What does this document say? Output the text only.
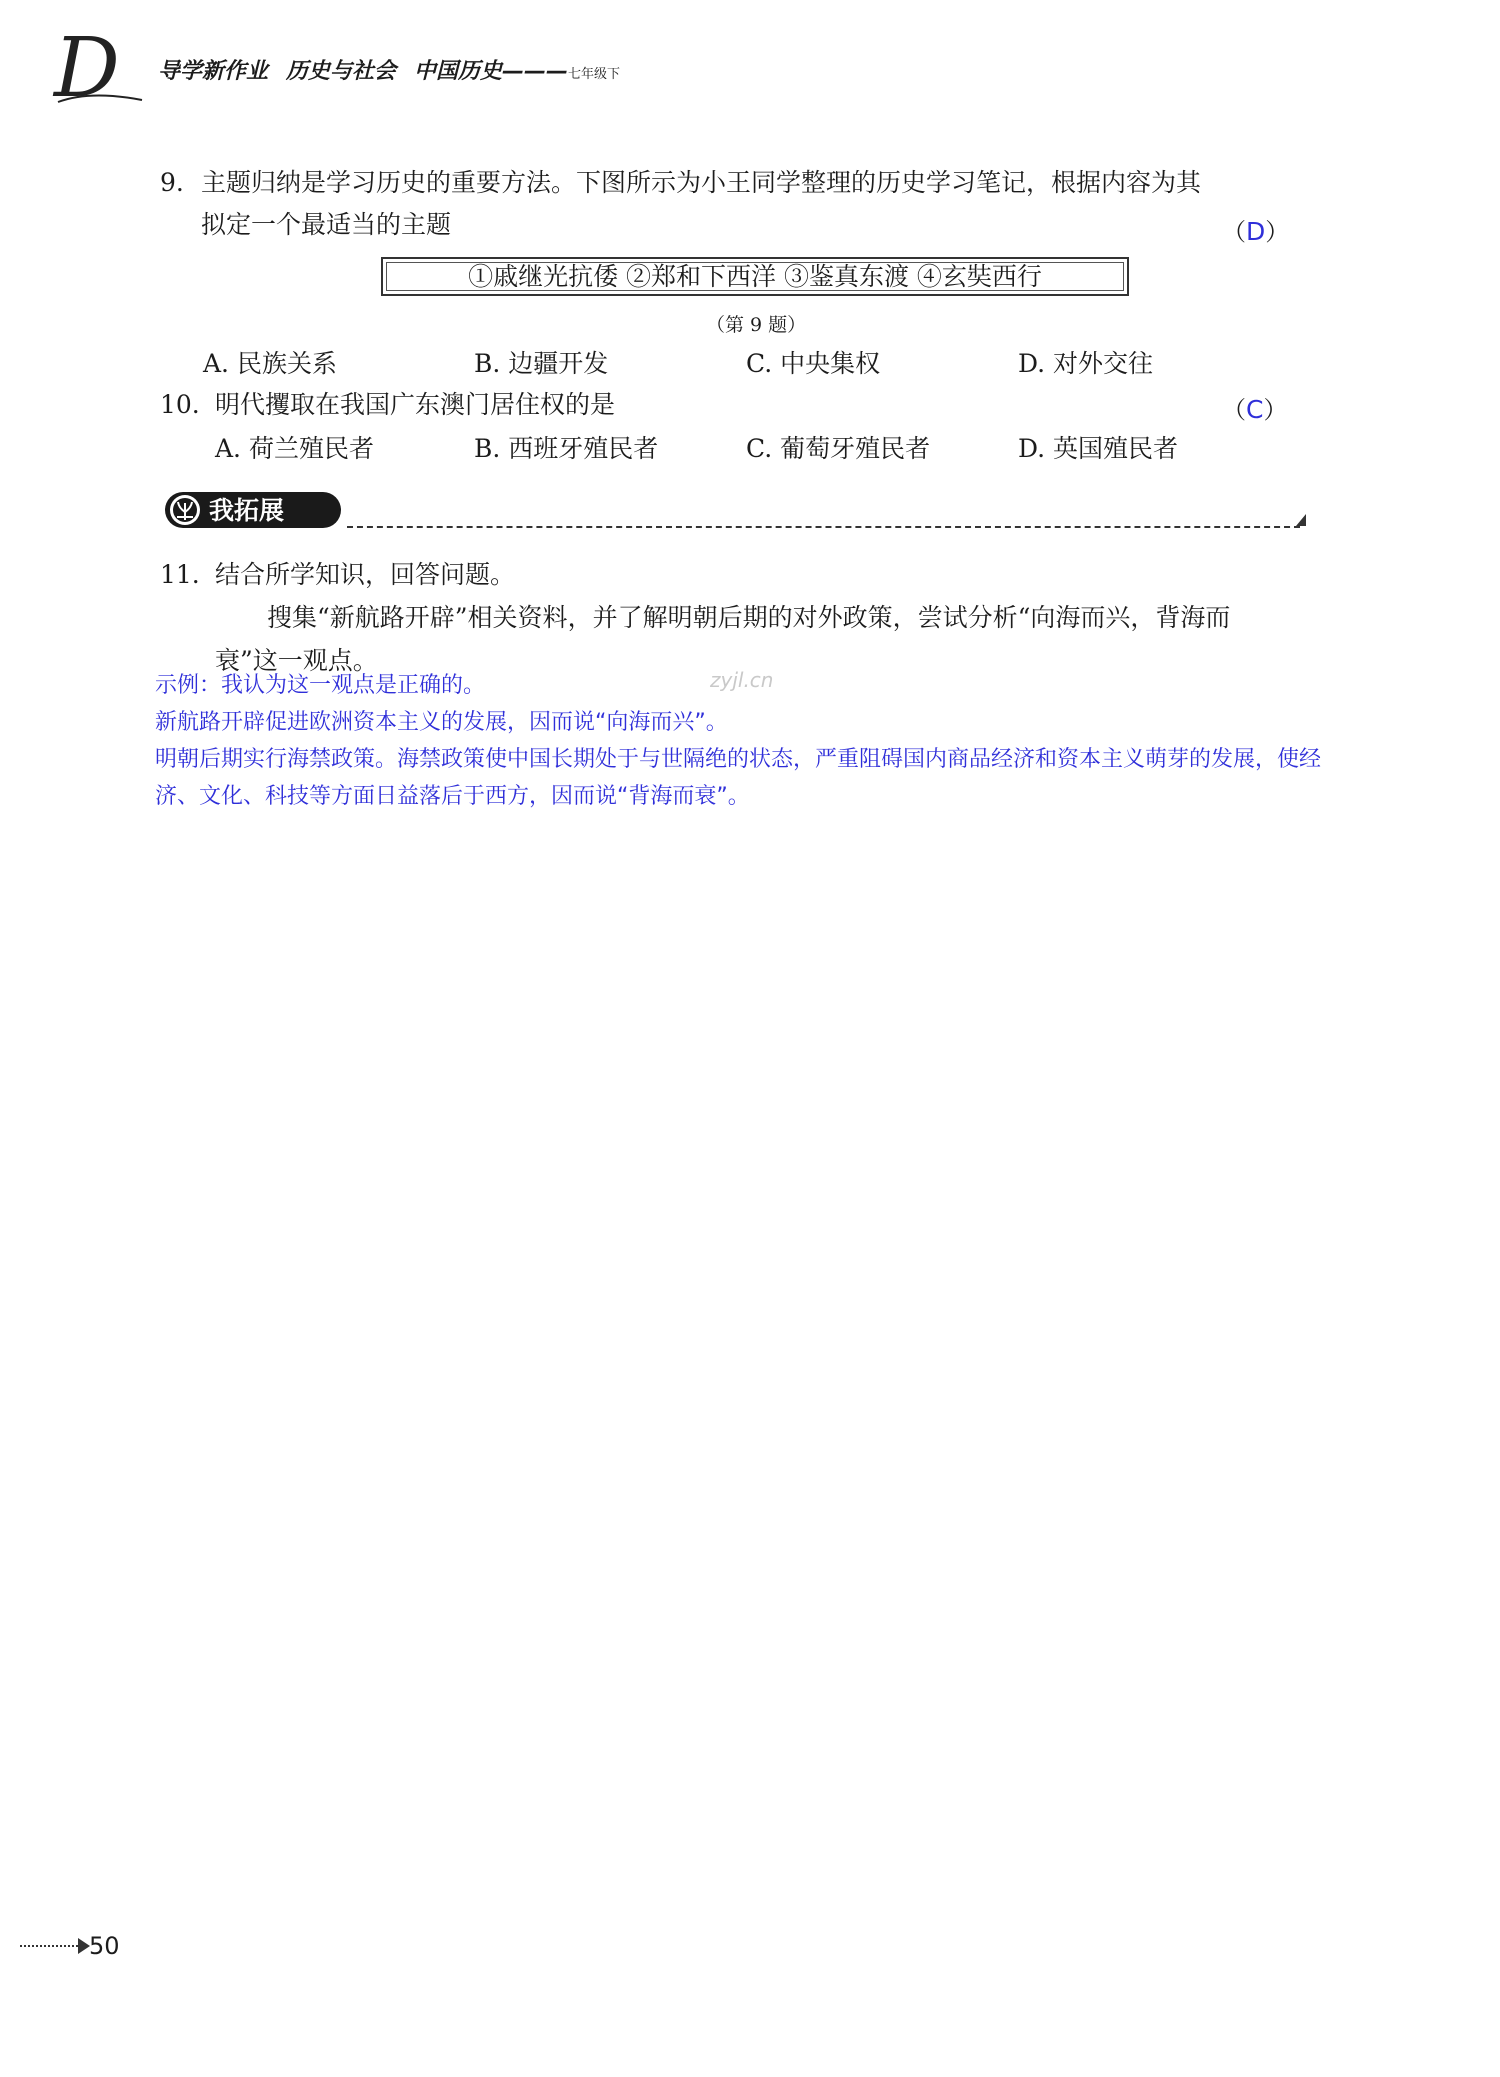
D 导学新作业 历史与社会 中国历史———七年级下
9. 主题归纳是学习历史的重要方法。下图所示为小王同学整理的历史学习笔记，根据内容为其
拟定一个最适当的主题	（D）
①戚继光抗倭 ②郑和下西洋 ③鉴真东渡 ④玄奘西行
（第 9 题）
A. 民族关系	B. 边疆开发	C. 中央集权	D. 对外交往
10. 明代攫取在我国广东澳门居住权的是	（C）
A. 荷兰殖民者	B. 西班牙殖民者	C. 葡萄牙殖民者	D. 英国殖民者
我拓展
11. 结合所学知识，回答问题。
搜集“新航路开辟”相关资料，并了解明朝后期的对外政策，尝试分析“向海而兴，背海而
衰”这一观点。
zyjl.cn
示例：我认为这一观点是正确的。
新航路开辟促进欧洲资本主义的发展，因而说“向海而兴”。
明朝后期实行海禁政策。海禁政策使中国长期处于与世隔绝的状态，严重阻碍国内商品经济和资本主义萌芽的发展，使经
济、文化、科技等方面日益落后于西方，因而说“背海而衰”。
50
